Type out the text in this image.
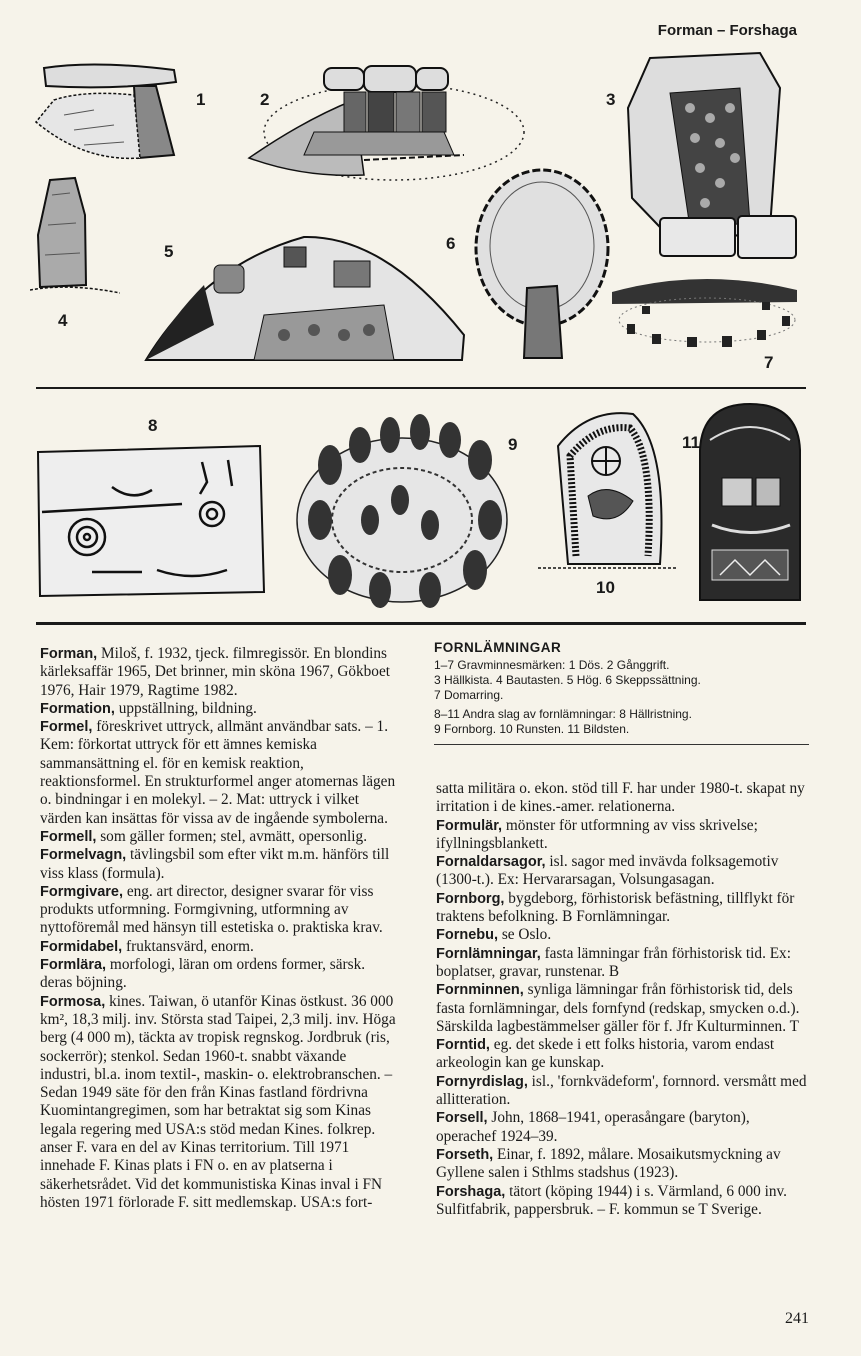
Forman – Forshaga
1	2	3
4
5	6
7
8
9
10
11
FORNLÄMNINGAR

1–7 Gravminnesmärken: 1 Dös. 2 Gånggrift.

3 Hällkista. 4 Bautasten. 5 Hög. 6 Skeppssättning.

7 Domarring.

8–11 Andra slag av fornlämningar: 8 Hällristning.

9 Fornborg. 10 Runsten. 11 Bildsten.

Forman, Miloš, f. 1932, tjeck. filmregissör. En blondins kärleksaffär 1965, Det brinner, min sköna 1967, Gökboet 1976, Hair 1979, Ragtime 1982.

Formation, uppställning, bildning.

Formel, föreskrivet uttryck, allmänt användbar sats. – 1. Kem: förkortat uttryck för ett ämnes kemiska sammansättning el. för en kemisk reaktion, reaktionsformel. En strukturformel anger atomernas lägen o. bindningar i en molekyl. – 2. Mat: uttryck i vilket värden kan insättas för vissa av de ingående symbolerna.

Formell, som gäller formen; stel, avmätt, opersonlig.

Formelvagn, tävlingsbil som efter vikt m.m. hänförs till viss klass (formula).

Formgivare, eng. art director, designer svarar för viss produkts utformning. Formgivning, utformning av nyttoföremål med hänsyn till estetiska o. praktiska krav.

Formidabel, fruktansvärd, enorm.

Formlära, morfologi, läran om ordens former, särsk. deras böjning.

Formosa, kines. Taiwan, ö utanför Kinas östkust. 36 000 km², 18,3 milj. inv. Största stad Taipei, 2,3 milj. inv. Höga berg (4 000 m), täckta av tropisk regnskog. Jordbruk (ris, sockerrör); stenkol. Sedan 1960-t. snabbt växande industri, bl.a. inom textil-, maskin- o. elektrobranschen. – Sedan 1949 säte för den från Kinas fastland fördrivna Kuomintangregimen, som har betraktat sig som Kinas legala regering med USA:s stöd medan Kines. folkrep. anser F. vara en del av Kinas territorium. Till 1971 innehade F. Kinas plats i FN o. en av platserna i säkerhetsrådet. Vid det kommunistiska Kinas inval i FN hösten 1971 förlorade F. sitt medlemskap. USA:s fort-

satta militära o. ekon. stöd till F. har under 1980-t. skapat ny irritation i de kines.-amer. relationerna.

Formulär, mönster för utformning av viss skrivelse; ifyllningsblankett.

Fornaldarsagor, isl. sagor med invävda folksagemotiv (1300-t.). Ex: Hervararsagan, Volsungasagan.

Fornborg, bygdeborg, förhistorisk befästning, tillflykt för traktens befolkning. B Fornlämningar.

Fornebu, se Oslo.

Fornlämningar, fasta lämningar från förhistorisk tid. Ex: boplatser, gravar, runstenar. B

Fornminnen, synliga lämningar från förhistorisk tid, dels fasta fornlämningar, dels fornfynd (redskap, smycken o.d.). Särskilda lagbestämmelser gäller för f. Jfr Kulturminnen. T

Forntid, eg. det skede i ett folks historia, varom endast arkeologin kan ge kunskap.

Fornyrdislag, isl., 'fornkvädeform', fornnord. versmått med allitteration.

Forsell, John, 1868–1941, operasångare (baryton), operachef 1924–39.

Forseth, Einar, f. 1892, målare. Mosaikutsmyckning av Gyllene salen i Sthlms stadshus (1923).

Forshaga, tätort (köping 1944) i s. Värmland, 6 000 inv. Sulfitfabrik, pappersbruk. – F. kommun se T Sverige.

241
